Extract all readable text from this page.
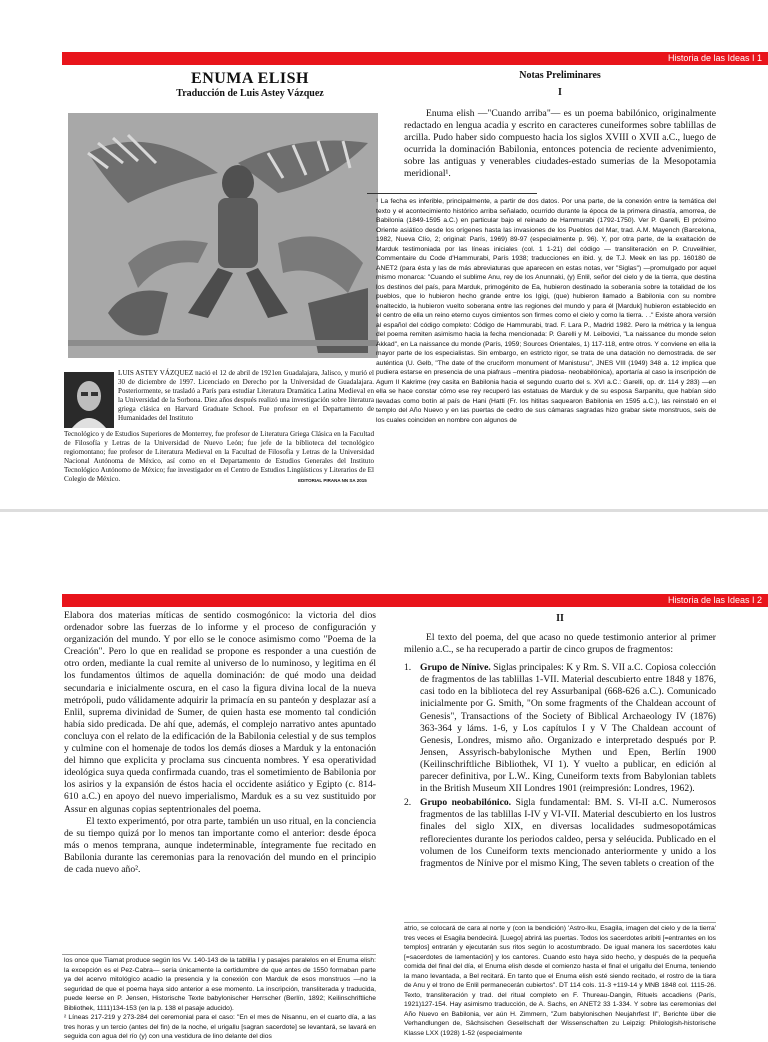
Historia de las Ideas I 1
ENUMA ELISH
Traducción de Luis Astey Vázquez
LUIS ASTEY VÁZQUEZ nació el 12 de abril de 1921en Guadalajara, Jalisco, y murió el 30 de diciembre de 1997. Licenciado en Derecho por la Universidad de Guadalajara. Posteriormente, se trasladó a París para estudiar Literatura Dramática Latina Medieval en la Universidad de la Sorbona. Diez años después realizó una investigación sobre literatura griega clásica en Harvard Graduate School. Fue profesor en el Departamento de Humanidades del Instituto
Tecnológico y de Estudios Superiores de Monterrey, fue profesor de Literatura Griega Clásica en la Facultad de Filosofía y Letras de la Universidad de Nuevo León; fue jefe de la biblioteca del tecnológico regiomontano; fue profesor de Literatura Medieval en la Facultad de Filosofía y Letras de la Universidad Nacional Autónoma de México, así como en el Departamento de Estudios Generales del Instituto Tecnológico Autónomo de México; fue investigador en el Centro de Estudios Lingüísticos y Literarios de El Colegio de México.	EDITORIAL PIRANA NN SA 2015
Notas Preliminares
I

Enuma elish —"Cuando arriba"— es un poema babilónico, originalmente redactado en lengua acadia y escrito en caracteres cuneiformes sobre tablillas de arcilla. Pudo haber sido compuesto hacia los siglos XVIII o XVII a.C., luego de ocurrida la dominación Babilonia, entonces potencia de reciente advenimiento, sobre las antiguas y venerables ciudades-estado sumerias de la Mesopotamia meridional¹.

¹ La fecha es inferible, principalmente, a partir de dos datos. Por una parte, de la conexión entre la temática del texto y el acontecimiento histórico arriba señalado, ocurrido durante la época de la primera dinastía, amorrea, de Babilonia (1849-1595 a.C.) en particular bajo el reinado de Hammurabi (1792-1750). Ver P. Garelli, El próximo Oriente asiático desde los orígenes hasta las invasiones de los Pueblos del Mar, trad. A.M. Mayench (Barcelona, 1982, Nueva Clío, 2; original: París, 1969) 89-97 (especialmente p. 96). Y, por otra parte, de la exaltación de Marduk testimoniada por las líneas iniciales (col. 1 1-21) del código — transliteración en P. Cruveilhier, Commentaire du Code d'Hammurabi, París 1938; traducciones en ibid. y, de T.J. Meek en las pp. 160180 de ANET2 (para ésta y las de más abreviaturas que aparecen en estas notas, ver "Siglas") —promulgado por aquel mismo monarca: "Cuando el sublime Anu, rey de los Anunnaki, (y) Enlil, señor del cielo y de la tierra, que destina los destinos del país, para Marduk, primogénito de Ea, hubieron destinado la soberanía sobre la totalidad de los pueblos, que lo hubieron hecho grande entre los Igigi, (que) hubieron llamado a Babilonia con su nombre enaltecido, la hubieron vuelto soberana entre las regiones del mundo y para él [Marduk] hubieron establecido en el centro de ella un reino eterno cuyos cimientos son firmes como el cielo y como la tierra. . ." Existe ahora versión al español del código completo: Código de Hammurabi, trad. F. Lara P., Madrid 1982. Pero la métrica y la lengua del poema remiten asimismo hacia la fecha mencionada: P. Garelli y M. Leibovici, "La naissance du monde selon Akkad", en La naissance du monde (París, 1959; Sources Orientales, 1) 117-118, entre otros. Y conviene en ella la mayor parte de los especialistas. Sin embargo, en estricto rigor, se trata de una datación no demostrada. de ser auténtica (U. Gelb, "The date of the cruciform monument of Manistusu", JNES VIII (1949) 348 a. 12 implica que pudiera estarse en presencia de una piafraus –mentira piadosa- neobabilónica), aportaría al caso la inscripción de Agum II Kakrime (rey casita en Babilonia hacia el segundo cuarto del s. XVI a.C.: Garelli, op. dr. 114 y 283) —en ella se hace constar cómo ese rey recuperó las estatuas de Marduk y de su esposa Sarpanitu, que habían sido llevadas como botín al país de Hani (Hatti (Fr. los hititas saquearon Babilonia en 1595 a.C.), las reinstaló en el templo del Año Nuevo y en las puertas de cedro de sus cámaras sagradas hizo grabar siete monstruos, seis de los cuales coinciden en nombre con algunos de

Historia de las Ideas I 2

Elabora dos materias míticas de sentido cosmogónico: la victoria del dios ordenador sobre las fuerzas de lo informe y el proceso de configuración y organización del mundo. Y por ello se le conoce asimismo como "Poema de la Creación". Pero lo que en realidad se propone es responder a una cuestión de otro orden, mediante la cual remite al universo de lo numinoso, y legitima en él los fundamentos últimos de aquella dominación: de qué modo una deidad secundaria e inicialmente oscura, en el caso la figura divina local de la nueva metrópoli, pudo válidamente adquirir la primacía en su panteón y desplazar así a Enlil, suprema divinidad de Sumer, de quien hasta ese momento tal condición había sido predicada. De ahí que, además, el complejo narrativo antes apuntado concluya con el relato de la edificación de la Babilonia celestial y de sus templos y culmine con el homenaje de todos los demás dioses a Marduk y la entonación del himno que explicita y proclama sus cincuenta nombres. Y esa operatividad ideológica suya queda confirmada cuando, tras el sometimiento de Babilonia por los asirios y la expansión de éstos hacia el occidente asiático y Egipto (c. 814-610 a.C.) en apoyo del nuevo imperialismo, Marduk es a su vez sustituido por Assur en algunas copias septentrionales del poema.

El texto experimentó, por otra parte, también un uso ritual, en la conciencia de su tiempo quizá por lo menos tan importante como el anterior: desde época más o menos temprana, aunque indeterminable, íntegramente fue recitado en Babilonia durante las ceremonias para la renovación del mundo en el principio de cada nuevo año².

los once que Tiamat produce según los Vv. 140-143 de la tablilla I y pasajes paralelos en el Enuma elish: la excepción es el Pez-Cabra— sería únicamente la certidumbre de que antes de 1550 formaban parte ya del acervo mitológico acadio la presencia y la conexión con Marduk de esos monstruos —no la seguridad de que el poema haya sido anterior a ese momento. La inscripción, transliterada y traducida, puede leerse en P. Jensen, Historische Texte babylonischer Herrscher (Berlín, 1892; Keilinschriftliche Bibliothek, 1111)134-153 (en la p. 138 el pasaje aducido).

² Líneas 217-219 y 273-284 del ceremonial para el caso: "En el mes de Nisannu, en el cuarto día, a las tres horas y un tercio (antes del fin) de la noche, el urigallu [sagran sacerdote] se levantará, se lavará en seguida con agua del río (y) con una vestidura de lino delante del dios

II

El texto del poema, del que acaso no quede testimonio anterior al primer milenio a.C., se ha recuperado a partir de cinco grupos de fragmentos:

1. Grupo de Nínive. Siglas principales: K y Rm. S. VII a.C. Copiosa colección de fragmentos de las tablillas 1-VII. Material descubierto entre 1848 y 1876, casi todo en la biblioteca del rey Assurbanipal (668-626 a.C.). Comunicado inicialmente por G. Smith, "On some fragments of the Chaldean account of Genesis", Transactions of the Society of Biblical Archaeology IV (1876) 363-364 y láms. 1-6, y Los capítulos I y V The Chaldean account of Genesis, Londres, mismo año. Organizado e interpretado después por P. Jensen, Assyrisch-babylonische Mythen und Epen, Berlín 1900 (Keilinschriftliche Bibliothek, VI 1). Y vuelto a publicar, en edición al parecer definitiva, por L.W.. King, Cuneiform texts from Babylonian tablets in the British Museum XII Londres 1901 (reimpresión: Londres, 1962).
2. Grupo neobabilónico. Sigla fundamental: BM. S. VI-II a.C. Numerosos fragmentos de las tablillas I-IV y VI-VII. Material descubierto en los lustros finales del siglo XIX, en diversas localidades sudmesopotámicas reflorecientes durante los periodos caldeo, persa y seléucida. Publicado en el volumen de los Cuneiform texts mencionado anteriormente y unido a los fragmentos de Nínive por el mismo King, The seven tablets o creation of the

atrio, se colocará de cara al norte y (con la bendición) 'Astro-Iku, Esagila, imagen del cielo y de la tierra' tres veces el Esagila bendecirá. [Luego] abrirá las puertas. Todos los sacerdotes aribiti [=entrantes en los templos] entrarán y ejecutarán sus ritos según lo acostumbrado. De igual manera los sacerdotes kalu [=sacerdotes de lamentación] y los cantores. Cuando esto haya sido hecho, y después de la pequeña comida del final del día, el Enuma elish desde el comienzo hasta el final el urigallu del Enuma, teniendo la mano levantada, a Bel recitará. En tanto que el Enuma elish esté siendo recitado, el rostro de la tiara de Anu y el trono de Enlil permanecerán cubiertos". DT 114 cols. 11-3 +119-14 y MNB 1848 col. 1115-26. Texto, transliteración y trad. del ritual completo en F. Thureau-Dangin, Rituels accadiens (París, 1921)127-154. Hay asimismo traducción, de A. Sachs, en ANET2 33 1-334. Y sobre las ceremonias del Año Nuevo en Babilonia, ver aún H. Zimmern, "Zum babylonischen Neujahrfest II", Berichte über die Verhandlungen de, Sächsischen Gesellschaft der Wissenschaften zu Leipzig: Philologish-historische Klasse LXX (1928) 1-52 (especialmente
